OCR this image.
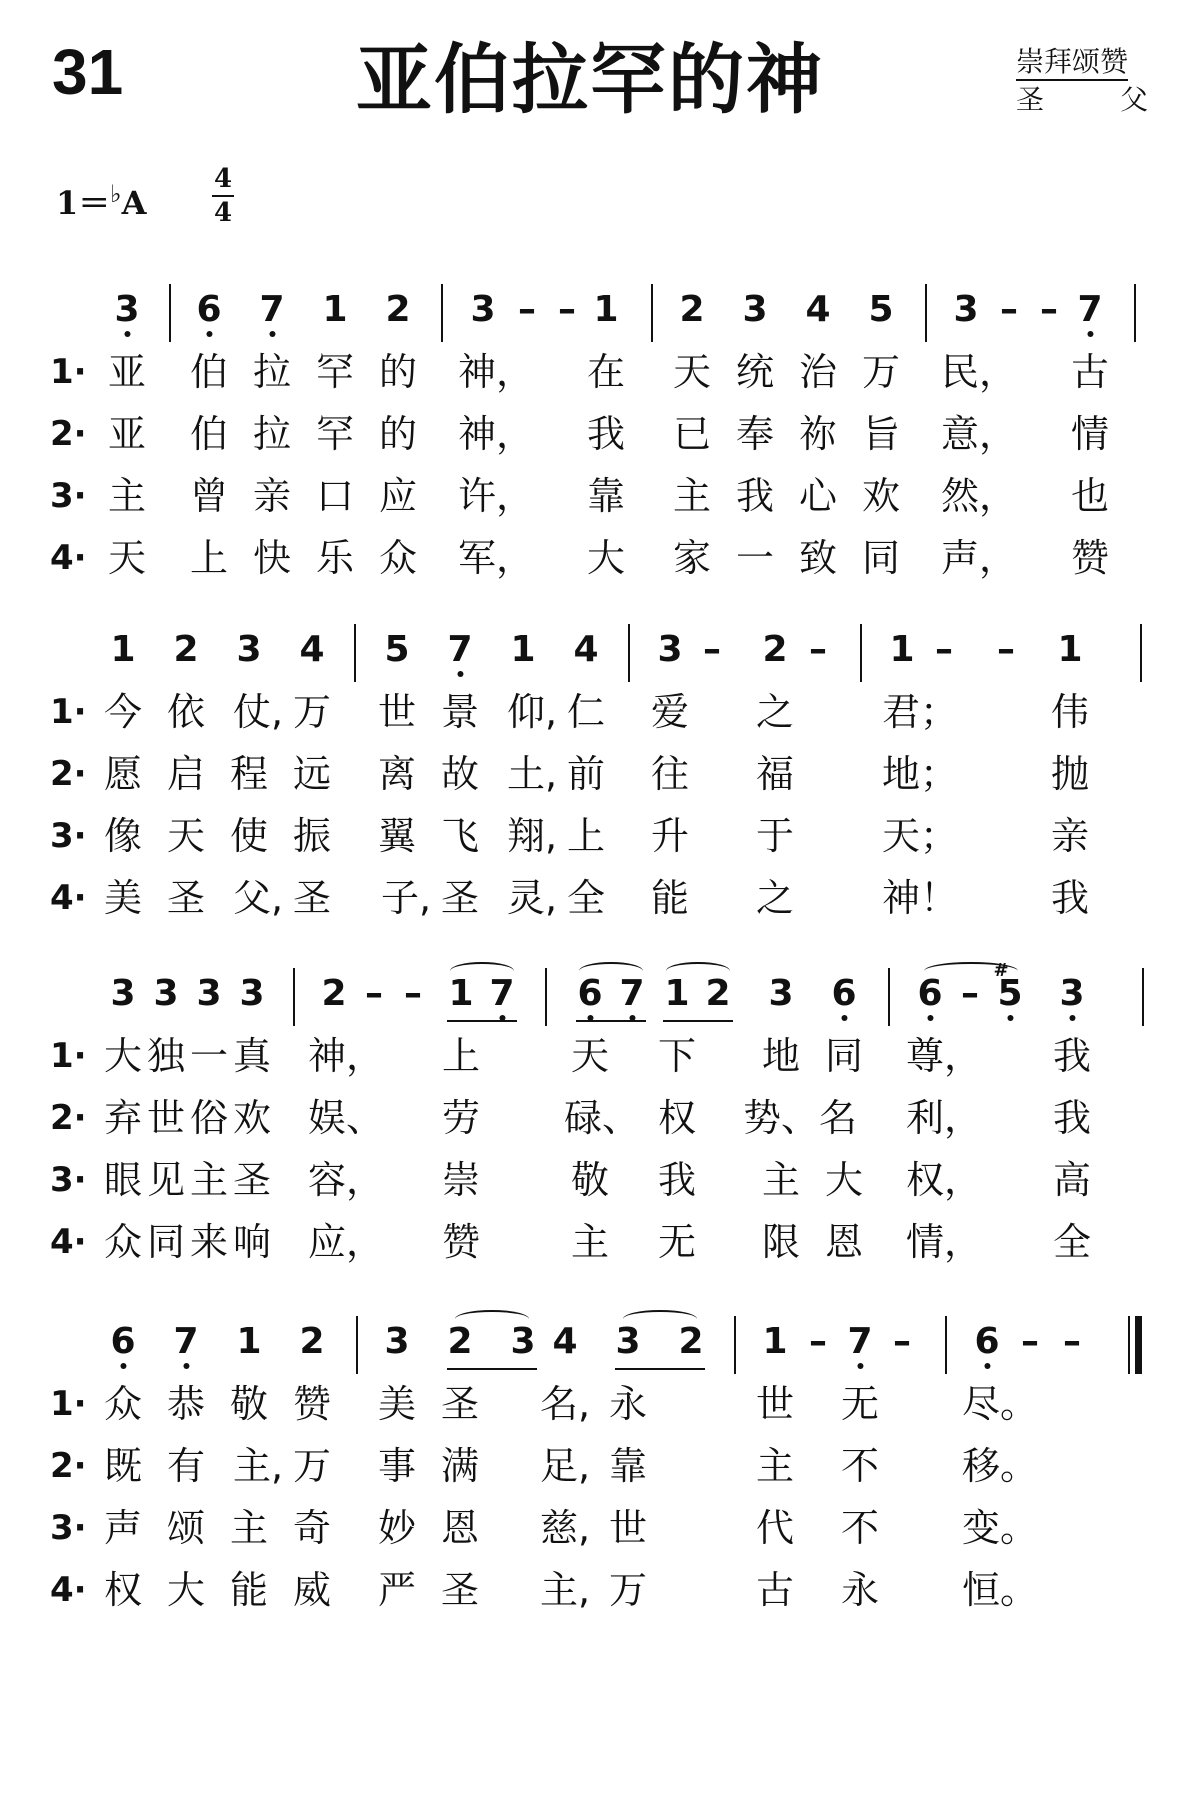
31	亚伯拉罕的神	崇拜颂赞
圣	父
1＝♭A	$\frac{4}{4}$
3 6 7 1 2 3 – – 1 2 3 4 5 3 – – 7
1 · 亚 伯 拉 罕 的 神， 在 天 统 治 万 民， 古
2 · 亚 伯 拉 罕 的 神， 我 已 奉 祢 旨 意， 情
3 · 主 曾 亲 口 应 许， 靠 主 我 心 欢 然， 也
4 · 天 上 快 乐 众 军， 大 家 一 致 同 声， 赞
1 2 3 4 5 7 1 4 3 – 2 – 1 – – 1
1 · 今 依 仗, 万 世 景 仰, 仁 爱 之 君； 伟
2 · 愿 启 程 远 离 故 土, 前 往 福 地； 抛
3 · 像 天 使 振 翼 飞 翔, 上 升 于 天； 亲
4 · 美 圣 父, 圣 子, 圣 灵, 全 能 之 神！ 我
3 3 3 3 2 – – 1 7 6 7 1 2 3 6 6 –
#
5 3
1 · 大 独 一 真 神， 上 天 下 地 同 尊， 我
2 · 弃 世 俗 欢 娱、 劳 碌、 权 势、名 利， 我
3 · 眼 见 主 圣 容， 崇 敬 我 主 大 权， 高
4 · 众 同 来 响 应， 赞 主 无 限 恩 情， 全
6 7 1 2 3 2 3 4 3 2 1 – 7 – 6 – –
1 · 众 恭 敬 赞 美 圣 名, 永	世 无 尽。
2 · 既 有 主, 万 事 满 足, 靠	主 不 移。
3 · 声 颂 主 奇 妙 恩 慈, 世	代 不 变。
4 · 权 大 能 威 严 圣 主, 万	古 永 恒。
